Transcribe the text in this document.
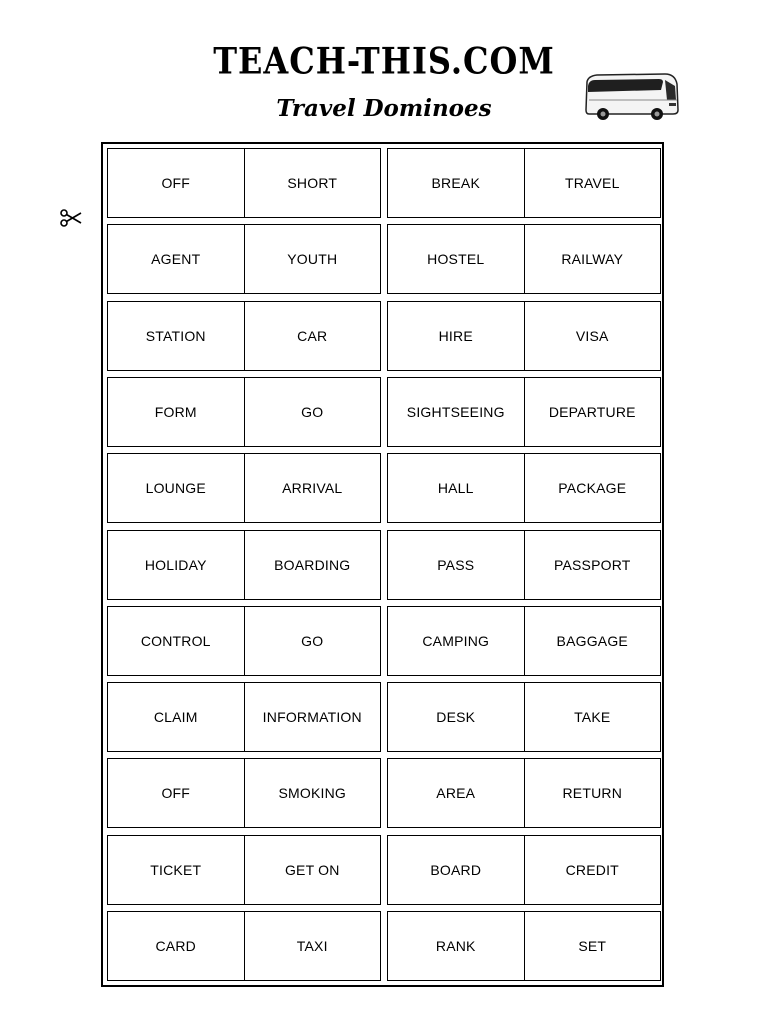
TEACH-THIS.COM
Travel Dominoes
OFF	SHORT	BREAK	TRAVEL
AGENT	YOUTH	HOSTEL	RAILWAY
STATION	CAR	HIRE	VISA
FORM	GO	SIGHTSEEING	DEPARTURE
LOUNGE	ARRIVAL	HALL	PACKAGE
HOLIDAY	BOARDING	PASS	PASSPORT
CONTROL	GO	CAMPING	BAGGAGE
CLAIM	INFORMATION	DESK	TAKE
OFF	SMOKING	AREA	RETURN
TICKET	GET ON	BOARD	CREDIT
CARD	TAXI	RANK	SET
